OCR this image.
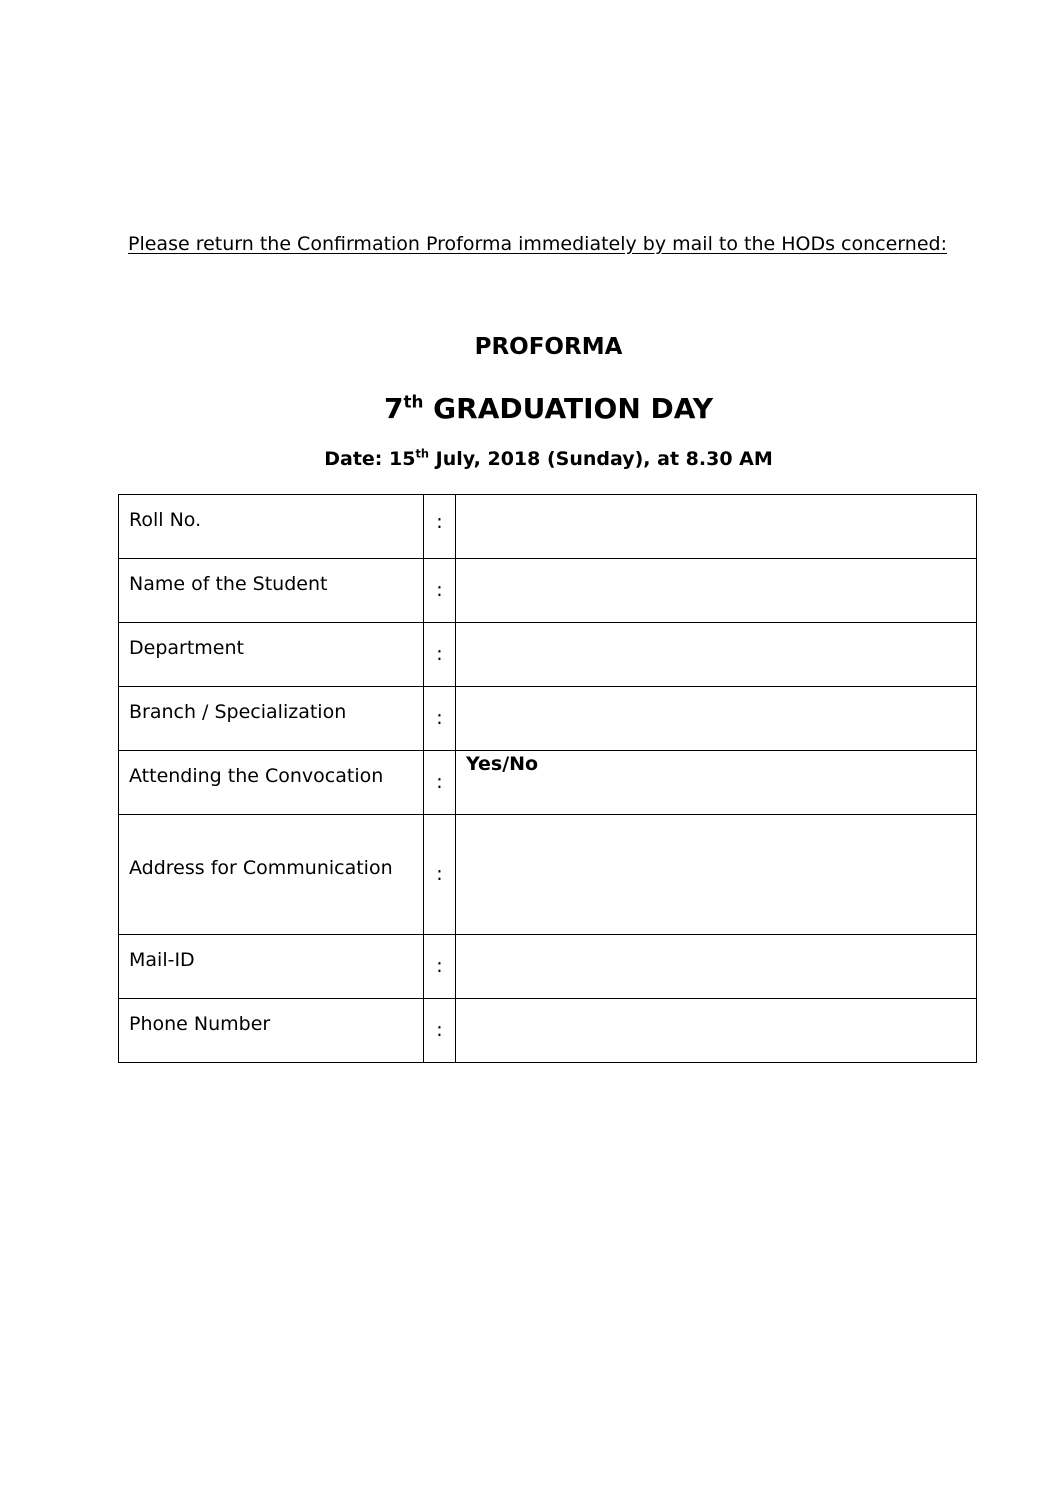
Please return the Confirmation Proforma immediately by mail to the HODs concerned:

PROFORMA
7th GRADUATION DAY
Date: 15th July, 2018 (Sunday), at 8.30 AM
Roll No.	:	

Name of the Student	:	

Department	:	

Branch / Specialization	:	

Attending the Convocation	:	Yes/No

Address for Communication	:	

Mail-ID	:	

Phone Number	:	
